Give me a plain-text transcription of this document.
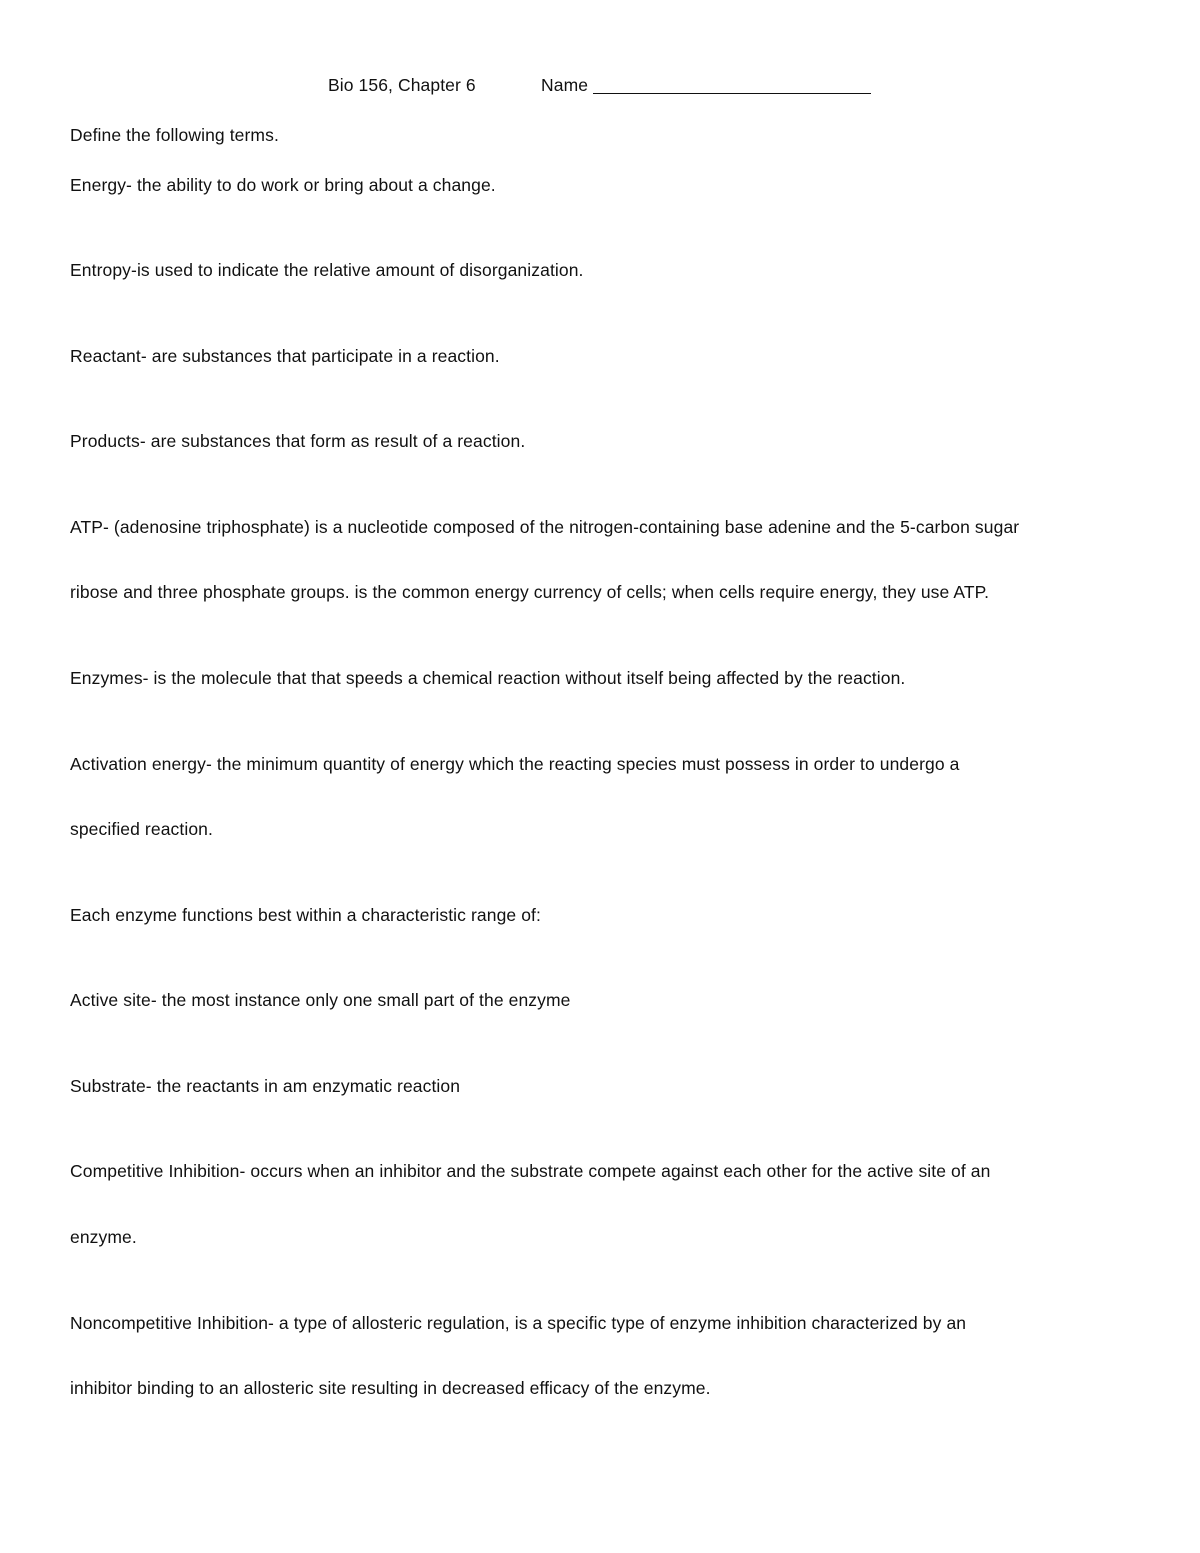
Bio 156, Chapter 6	Name
Define the following terms.
Energy- the ability to do work or bring about a change.
Entropy-is used to indicate the relative amount of disorganization.
Reactant- are substances that participate in a reaction.
Products- are substances that form as result of a reaction.
ATP- (adenosine triphosphate) is a nucleotide composed of the nitrogen-containing base adenine and the 5-carbon sugar
ribose and three phosphate groups. is the common energy currency of cells; when cells require energy, they use ATP.
Enzymes- is the molecule that that speeds a chemical reaction without itself being affected by the reaction.
Activation energy- the minimum quantity of energy which the reacting species must possess in order to undergo a
specified reaction.
Each enzyme functions best within a characteristic range of:
Active site- the most instance only one small part of the enzyme
Substrate- the reactants in am enzymatic reaction
Competitive Inhibition- occurs when an inhibitor and the substrate compete against each other for the active site of an
enzyme.
Noncompetitive Inhibition- a type of allosteric regulation, is a specific type of enzyme inhibition characterized by an
inhibitor binding to an allosteric site resulting in decreased efficacy of the enzyme.
